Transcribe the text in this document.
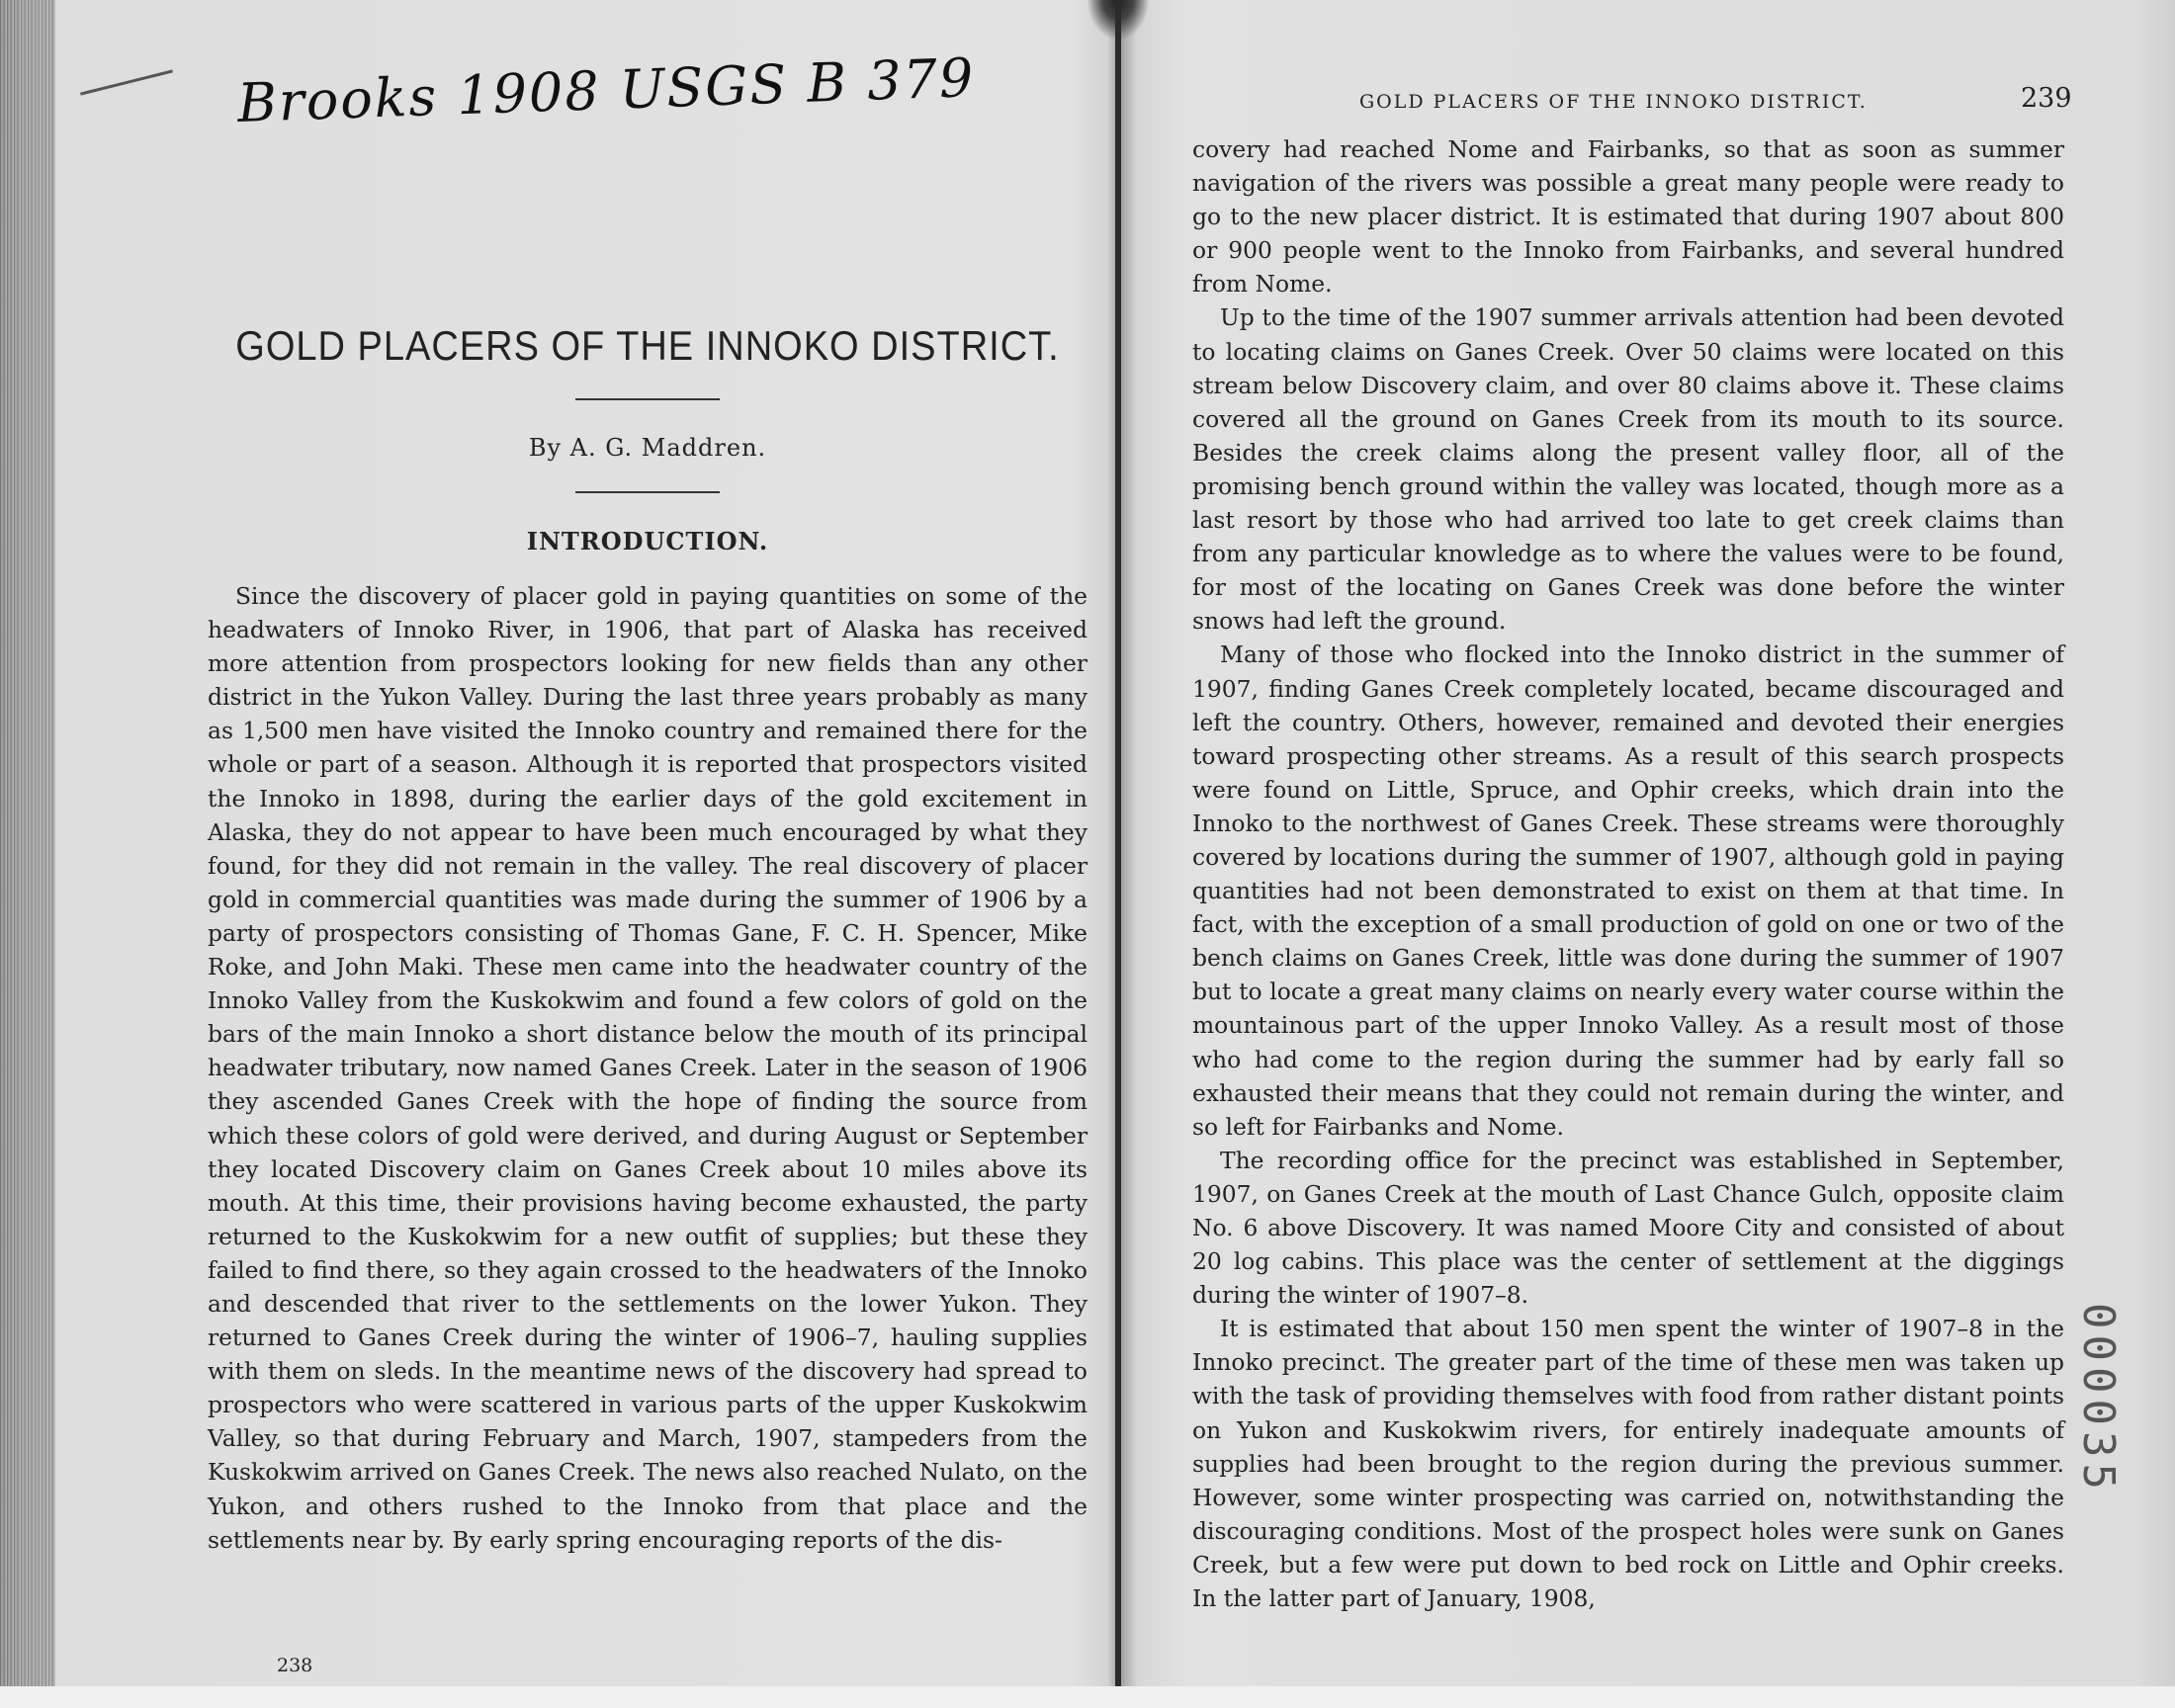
Brooks 1908 USGS B 379
GOLD PLACERS OF THE INNOKO DISTRICT.
By A. G. Maddren.
INTRODUCTION.

Since the discovery of placer gold in paying quantities on some of the headwaters of Innoko River, in 1906, that part of Alaska has received more attention from prospectors looking for new fields than any other district in the Yukon Valley. During the last three years probably as many as 1,500 men have visited the Innoko country and remained there for the whole or part of a season. Although it is reported that prospectors visited the Innoko in 1898, during the earlier days of the gold excitement in Alaska, they do not appear to have been much encouraged by what they found, for they did not remain in the valley. The real discovery of placer gold in commercial quantities was made during the summer of 1906 by a party of prospectors consisting of Thomas Gane, F. C. H. Spencer, Mike Roke, and John Maki. These men came into the headwater country of the Innoko Valley from the Kuskokwim and found a few colors of gold on the bars of the main Innoko a short distance below the mouth of its principal headwater tributary, now named Ganes Creek. Later in the season of 1906 they ascended Ganes Creek with the hope of finding the source from which these colors of gold were derived, and during August or September they located Discovery claim on Ganes Creek about 10 miles above its mouth. At this time, their provisions having become exhausted, the party returned to the Kuskokwim for a new outfit of supplies; but these they failed to find there, so they again crossed to the headwaters of the Innoko and descended that river to the settlements on the lower Yukon. They returned to Ganes Creek during the winter of 1906–7, hauling supplies with them on sleds. In the meantime news of the discovery had spread to prospectors who were scattered in various parts of the upper Kuskokwim Valley, so that during February and March, 1907, stampeders from the Kuskokwim arrived on Ganes Creek. The news also reached Nulato, on the Yukon, and others rushed to the Innoko from that place and the settlements near by. By early spring encouraging reports of the dis-

238
GOLD PLACERS OF THE INNOKO DISTRICT.	239

covery had reached Nome and Fairbanks, so that as soon as summer navigation of the rivers was possible a great many people were ready to go to the new placer district. It is estimated that during 1907 about 800 or 900 people went to the Innoko from Fairbanks, and several hundred from Nome.

Up to the time of the 1907 summer arrivals attention had been devoted to locating claims on Ganes Creek. Over 50 claims were located on this stream below Discovery claim, and over 80 claims above it. These claims covered all the ground on Ganes Creek from its mouth to its source. Besides the creek claims along the present valley floor, all of the promising bench ground within the valley was located, though more as a last resort by those who had arrived too late to get creek claims than from any particular knowledge as to where the values were to be found, for most of the locating on Ganes Creek was done before the winter snows had left the ground.

Many of those who flocked into the Innoko district in the summer of 1907, finding Ganes Creek completely located, became discouraged and left the country. Others, however, remained and devoted their energies toward prospecting other streams. As a result of this search prospects were found on Little, Spruce, and Ophir creeks, which drain into the Innoko to the northwest of Ganes Creek. These streams were thoroughly covered by locations during the summer of 1907, although gold in paying quantities had not been demonstrated to exist on them at that time. In fact, with the exception of a small production of gold on one or two of the bench claims on Ganes Creek, little was done during the summer of 1907 but to locate a great many claims on nearly every water course within the mountainous part of the upper Innoko Valley. As a result most of those who had come to the region during the summer had by early fall so exhausted their means that they could not remain during the winter, and so left for Fairbanks and Nome.

The recording office for the precinct was established in September, 1907, on Ganes Creek at the mouth of Last Chance Gulch, opposite claim No. 6 above Discovery. It was named Moore City and consisted of about 20 log cabins. This place was the center of settlement at the diggings during the winter of 1907–8.

It is estimated that about 150 men spent the winter of 1907–8 in the Innoko precinct. The greater part of the time of these men was taken up with the task of providing themselves with food from rather distant points on Yukon and Kuskokwim rivers, for entirely inadequate amounts of supplies had been brought to the region during the previous summer. However, some winter prospecting was carried on, notwithstanding the discouraging conditions. Most of the prospect holes were sunk on Ganes Creek, but a few were put down to bed rock on Little and Ophir creeks. In the latter part of January, 1908,

000035
